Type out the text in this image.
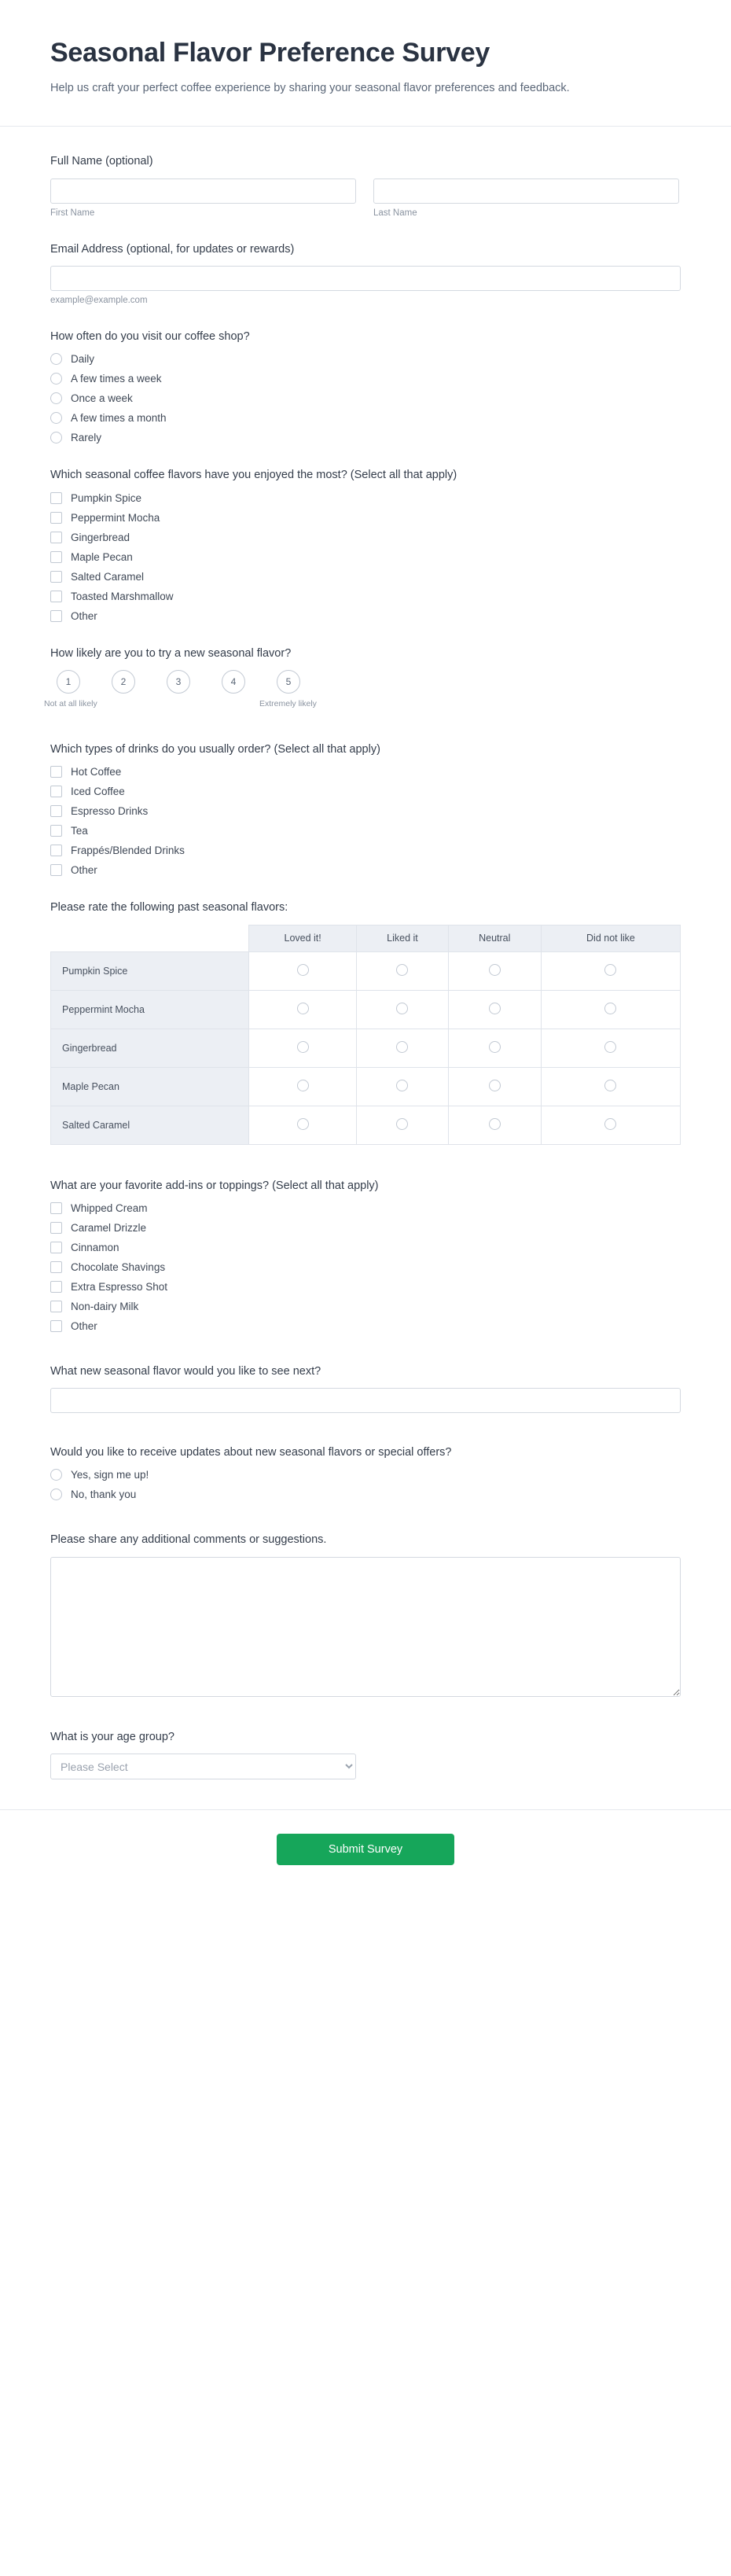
Seasonal Flavor Preference Survey

Help us craft your perfect coffee experience by sharing your seasonal flavor preferences and feedback.

Full Name (optional)
First Name	Last Name
Email Address (optional, for updates or rewards)
example@example.com
How often do you visit our coffee shop?
Daily
A few times a week
Once a week
A few times a month
Rarely
Which seasonal coffee flavors have you enjoyed the most? (Select all that apply)
Pumpkin Spice
Peppermint Mocha
Gingerbread
Maple Pecan
Salted Caramel
Toasted Marshmallow
Other
How likely are you to try a new seasonal flavor?
1
Not at all likely
2	3	4	5
Extremely likely
Which types of drinks do you usually order? (Select all that apply)
Hot Coffee
Iced Coffee
Espresso Drinks
Tea
Frappés/Blended Drinks
Other
Please rate the following past seasonal flavors:
	Loved it!	Liked it	Neutral	Did not like
Pumpkin Spice				
Peppermint Mocha				
Gingerbread				
Maple Pecan				
Salted Caramel				
What are your favorite add-ins or toppings? (Select all that apply)
Whipped Cream
Caramel Drizzle
Cinnamon
Chocolate Shavings
Extra Espresso Shot
Non-dairy Milk
Other
What new seasonal flavor would you like to see next?
Would you like to receive updates about new seasonal flavors or special offers?
Yes, sign me up!
No, thank you
Please share any additional comments or suggestions.
What is your age group?
Please Select
Submit Survey
